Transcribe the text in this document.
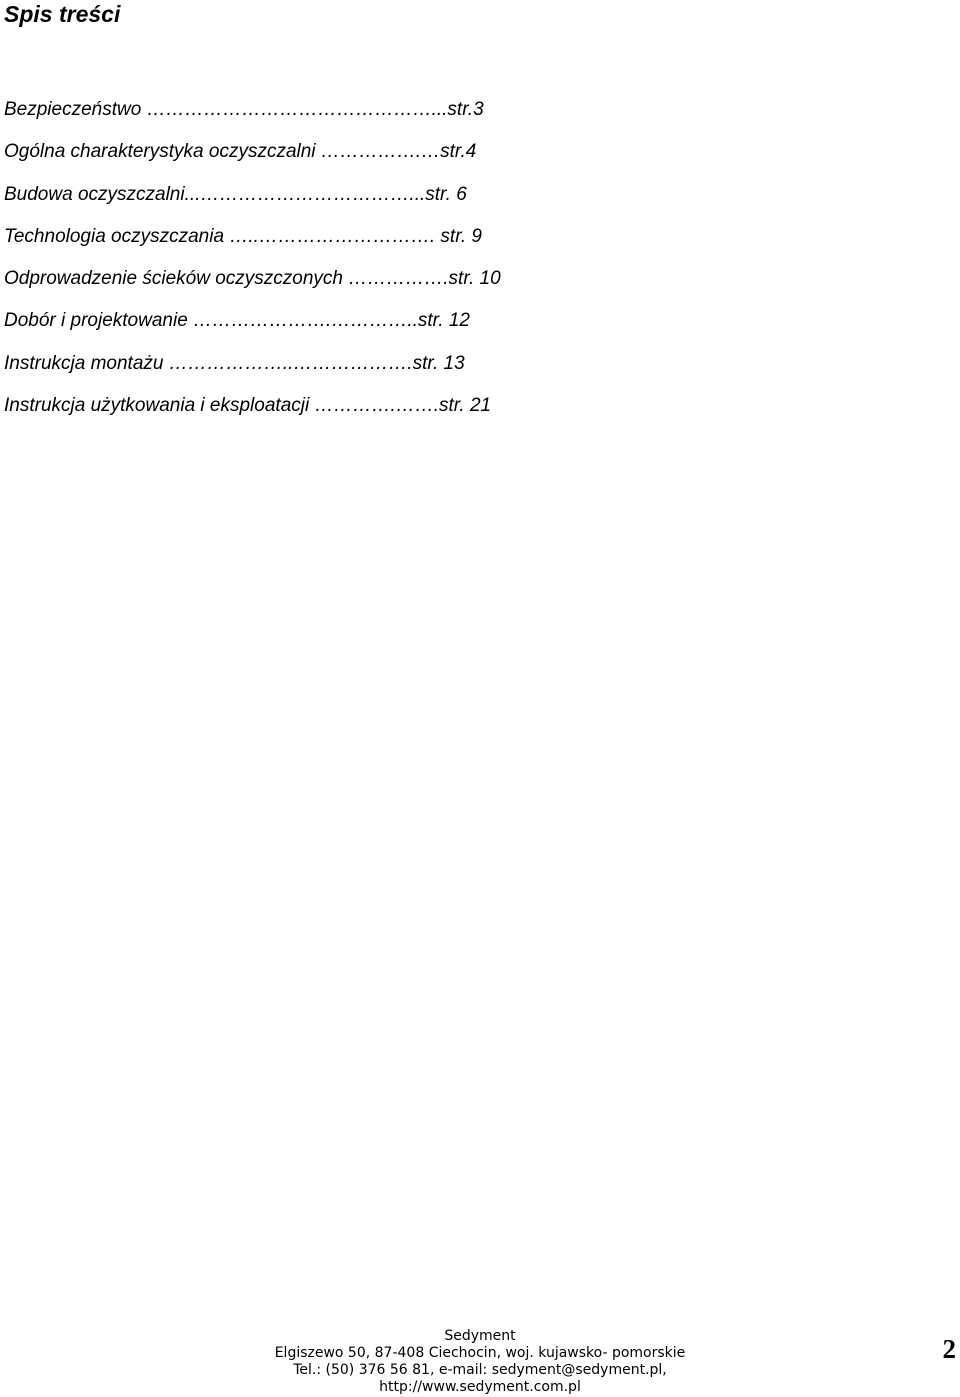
Spis treści
Bezpieczeństwo ………………………………………...str.3
Ogólna charakterystyka oczyszczalni …………….…str.4
Budowa oczyszczalni...……………………………...str. 6
Technologia oczyszczania …..………………………. str. 9
Odprowadzenie ścieków oczyszczonych …………….str. 10
Dobór i projektowanie ………………….…………..str. 12
Instrukcja montażu ………………..……………….str. 13
Instrukcja użytkowania i eksploatacji ………….…….str. 21
Sedyment
Elgiszewo 50, 87-408 Ciechocin, woj. kujawsko- pomorskie
Tel.: (50) 376 56 81, e-mail: sedyment@sedyment.pl,
http://www.sedyment.com.pl
2
